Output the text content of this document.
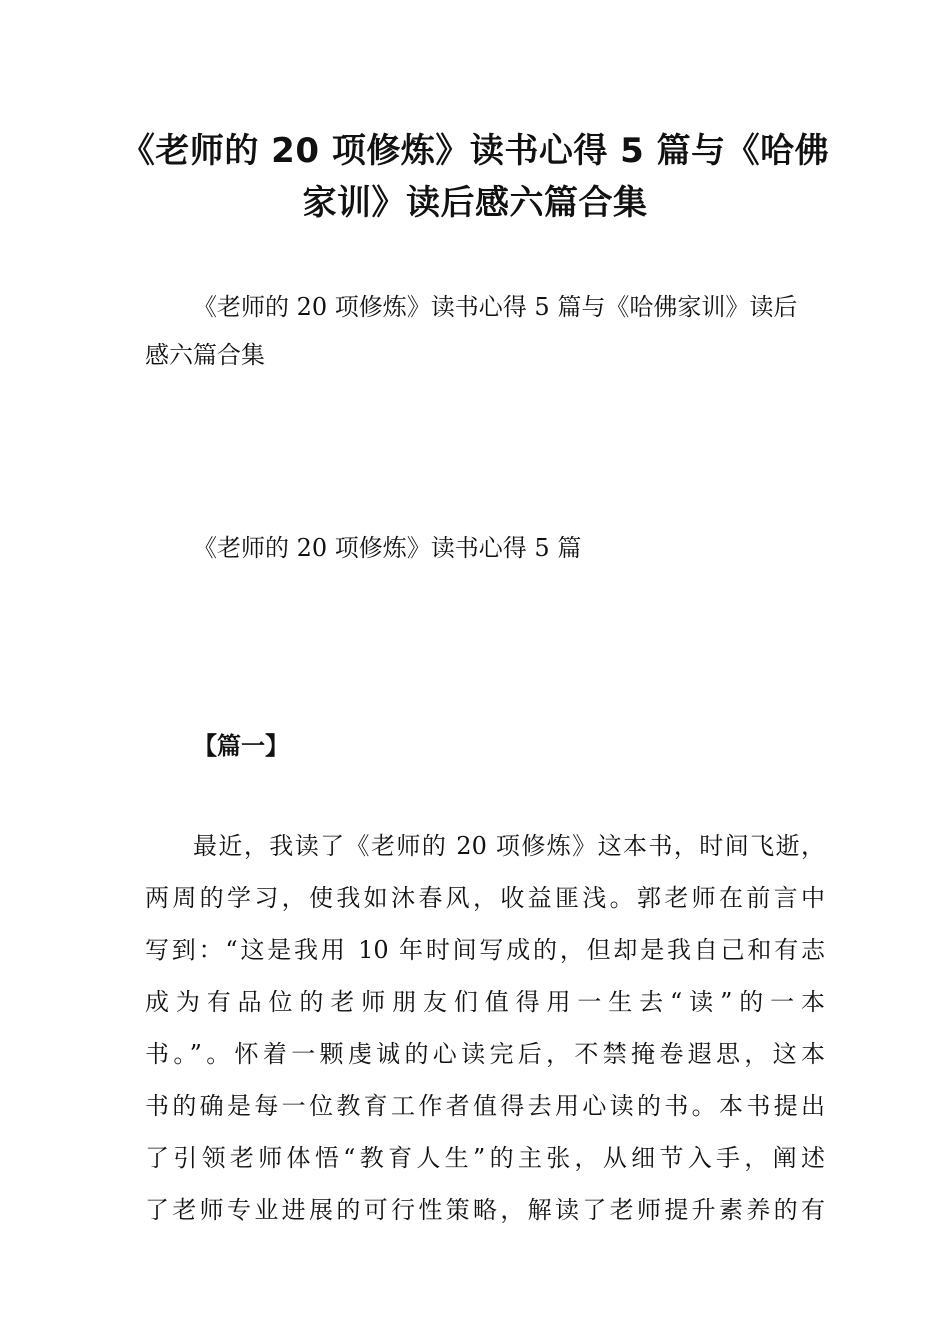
《老师的 20 项修炼》读书心得 5 篇与《哈佛家训》读后感六篇合集

《老师的 20 项修炼》读书心得 5 篇与《哈佛家训》读后感六篇合集

《老师的 20 项修炼》读书心得 5 篇

【篇一】

最近，我读了《老师的 20 项修炼》这本书，时间飞逝，
两周的学习，使我如沐春风，收益匪浅。郭老师在前言中
写到：“这是我用 10 年时间写成的，但却是我自己和有志
成为有品位的老师朋友们值得用一生去“读”的一本
书。”。怀着一颗虔诚的心读完后，不禁掩卷遐思，这本
书的确是每一位教育工作者值得去用心读的书。本书提出
了引领老师体悟“教育人生”的主张，从细节入手，阐述
了老师专业进展的可行性策略，解读了老师提升素养的有
